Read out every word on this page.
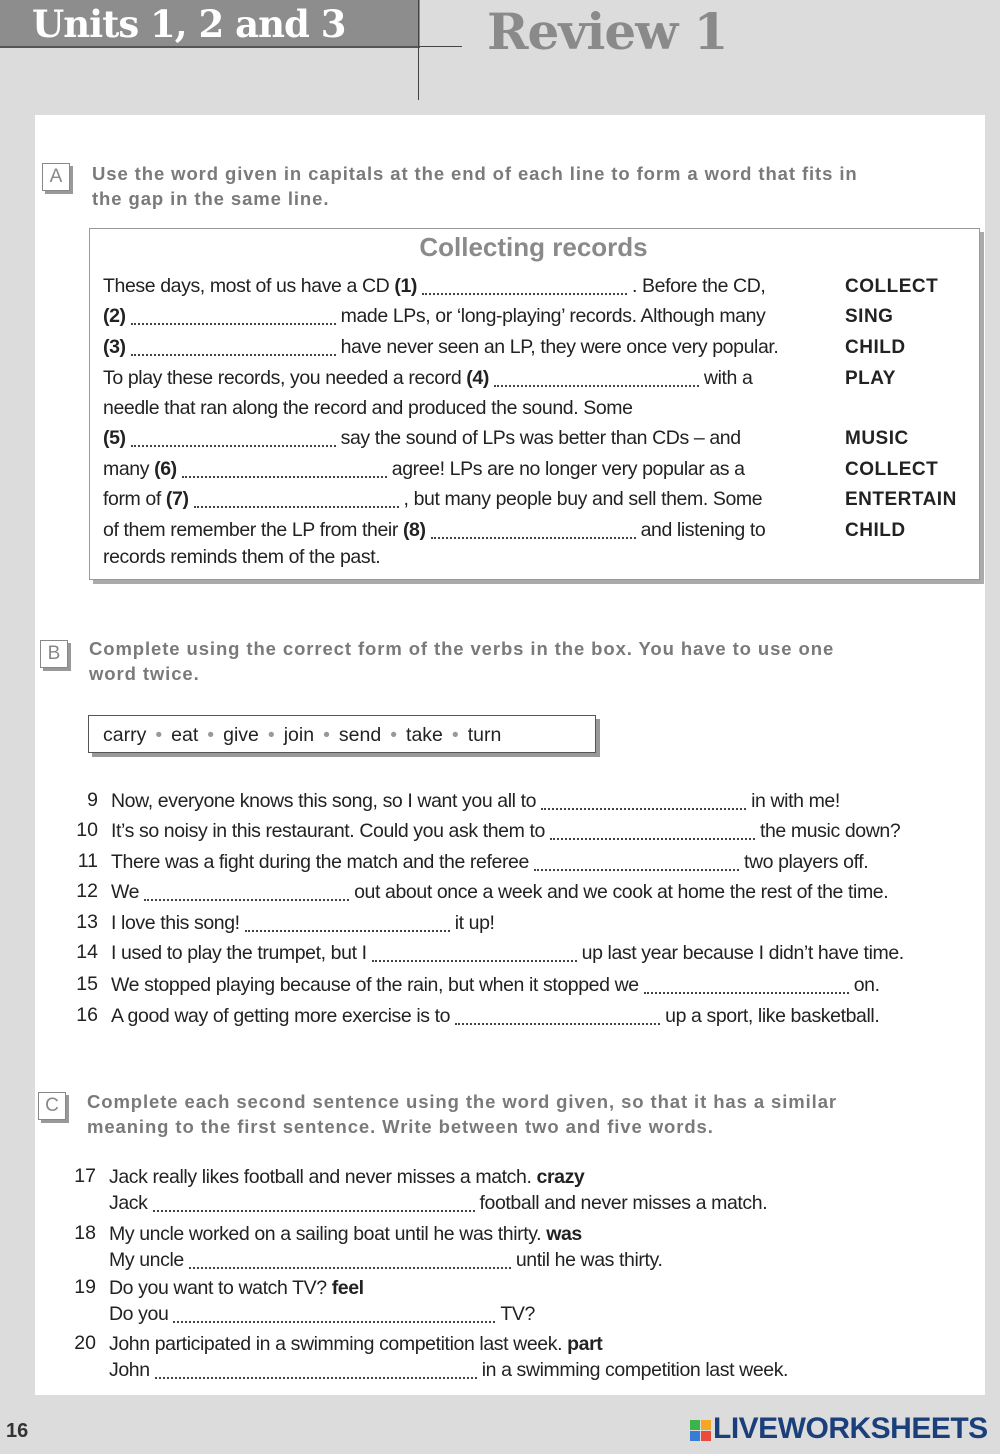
Units 1, 2 and 3	Review 1
A	Use the word given in capitals at the end of each line to form a word that fits in
the gap in the same line.
Collecting records
These days, most of us have a CD (1)	. Before the CD,	COLLECT
(2)	made LPs, or ‘long-playing’ records. Although many	SING
(3)	have never seen an LP, they were once very popular.	CHILD
To play these records, you needed a record (4)	with a	PLAY
needle that ran along the record and produced the sound. Some
(5)	say the sound of LPs was better than CDs – and	MUSIC
many (6)	agree! LPs are no longer very popular as a	COLLECT
form of (7)	, but many people buy and sell them. Some	ENTERTAIN
of them remember the LP from their (8)	and listening to	CHILD
records reminds them of the past.
B	Complete using the correct form of the verbs in the box. You have to use one
word twice.
carry • eat • give • join • send • take • turn
9 Now, everyone knows this song, so I want you all to	in with me!
10 It’s so noisy in this restaurant. Could you ask them to	the music down?
11 There was a fight during the match and the referee	two players off.
12 We	out about once a week and we cook at home the rest of the time.
13 I love this song!	it up!
14 I used to play the trumpet, but I	up last year because I didn’t have time.
15 We stopped playing because of the rain, but when it stopped we	on.
16 A good way of getting more exercise is to	up a sport, like basketball.
C	Complete each second sentence using the word given, so that it has a similar
meaning to the first sentence. Write between two and five words.
17 Jack really likes football and never misses a match. crazy
Jack	football and never misses a match.
18 My uncle worked on a sailing boat until he was thirty. was
My uncle	until he was thirty.
19 Do you want to watch TV? feel
Do you	TV?
20 John participated in a swimming competition last week. part
John	in a swimming competition last week.
16	LIVEWORKSHEETS
